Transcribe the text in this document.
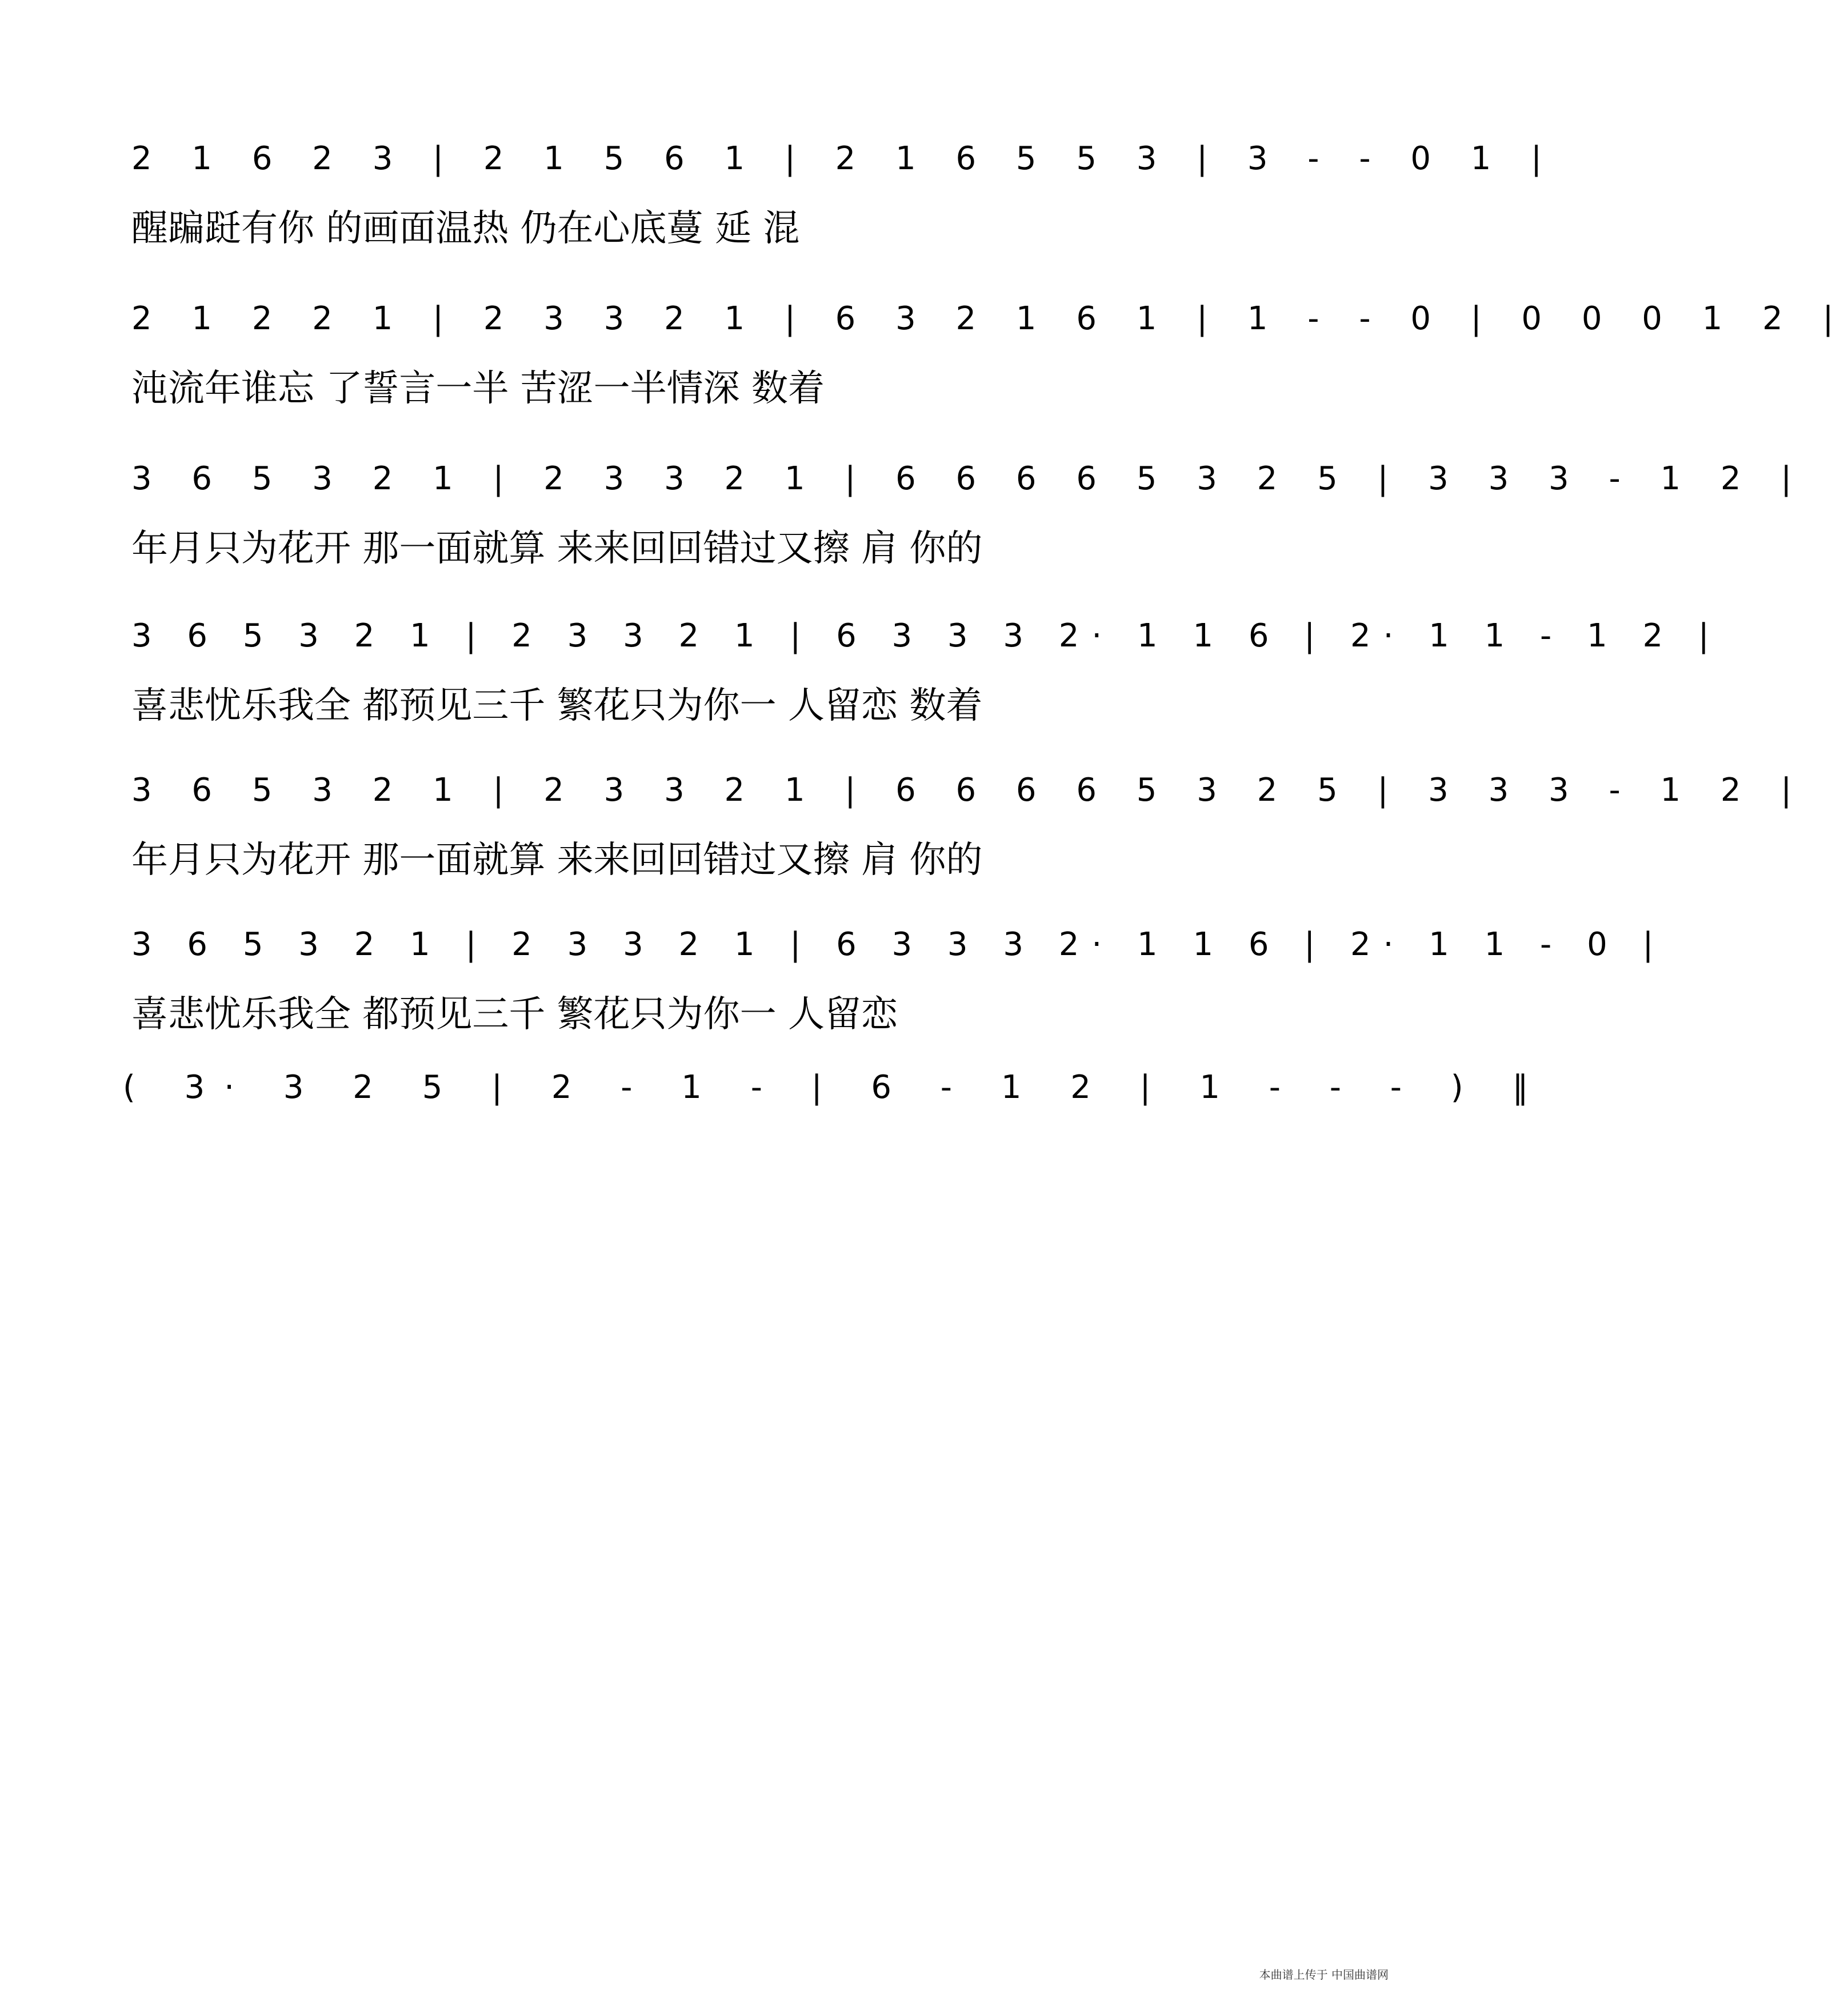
2 1 6 2 3 | 2 1 5 6 1 | 2 1 6 5 5 3 | 3 - - 0 1 |
醒蹁跹有你 的画面温热 仍在心底蔓 延 混
2 1 2 2 1 | 2 3 3 2 1 | 6 3 2 1 6 1 | 1 - - 0 | 0 0 0 1 2 |
沌流年谁忘 了誓言一半 苦涩一半情深 数着
3 6 5 3 2 1 | 2 3 3 2 1 | 6 6 6 6 5 3 2 5 | 3 3 3 - 1 2 |
年月只为花开 那一面就算 来来回回错过又擦 肩 你的
3 6 5 3 2 1 | 2 3 3 2 1 | 6 3 3 3 2· 1 1 6 | 2· 1 1 - 1 2 |
喜悲忧乐我全 都预见三千 繁花只为你一 人留恋 数着
3 6 5 3 2 1 | 2 3 3 2 1 | 6 6 6 6 5 3 2 5 | 3 3 3 - 1 2 |
年月只为花开 那一面就算 来来回回错过又擦 肩 你的
3 6 5 3 2 1 | 2 3 3 2 1 | 6 3 3 3 2· 1 1 6 | 2· 1 1 - 0 |
喜悲忧乐我全 都预见三千 繁花只为你一 人留恋
( 3· 3 2 5 | 2 - 1 - | 6 - 1 2 | 1 - - - ) ‖
本曲谱上传于 中国曲谱网
